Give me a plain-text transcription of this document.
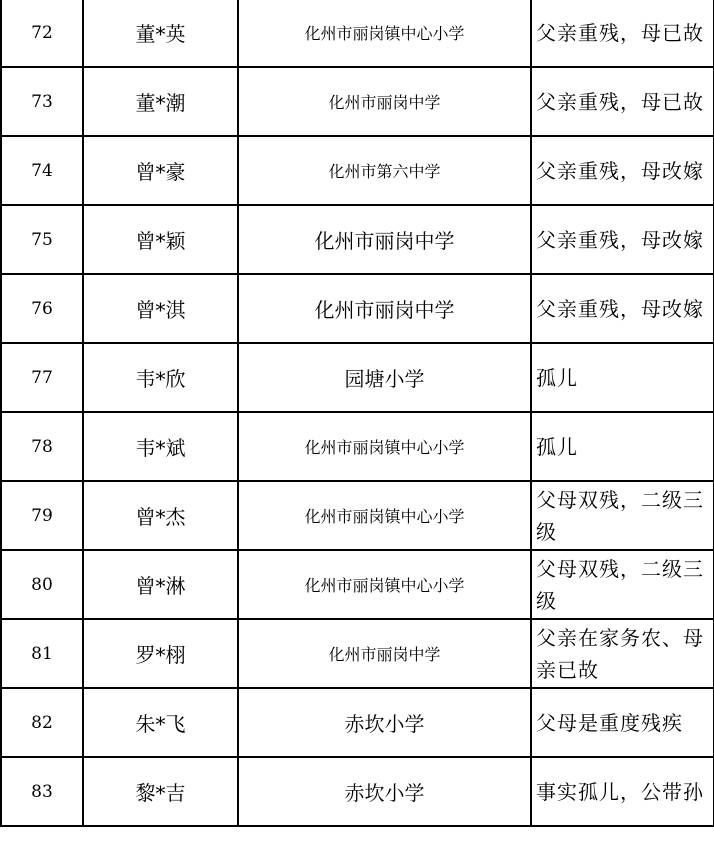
72	董*英	化州市丽岗镇中心小学	父亲重残，母已故
73	董*潮	化州市丽岗中学	父亲重残，母已故
74	曾*豪	化州市第六中学	父亲重残，母改嫁
75	曾*颖	化州市丽岗中学	父亲重残，母改嫁
76	曾*淇	化州市丽岗中学	父亲重残，母改嫁
77	韦*欣	园塘小学	孤儿
78	韦*斌	化州市丽岗镇中心小学	孤儿
79	曾*杰	化州市丽岗镇中心小学	父母双残，二级三级
80	曾*淋	化州市丽岗镇中心小学	父母双残，二级三级
81	罗*栩	化州市丽岗中学	父亲在家务农、母亲已故
82	朱*飞	赤坎小学	父母是重度残疾
83	黎*吉	赤坎小学	事实孤儿，公带孙
